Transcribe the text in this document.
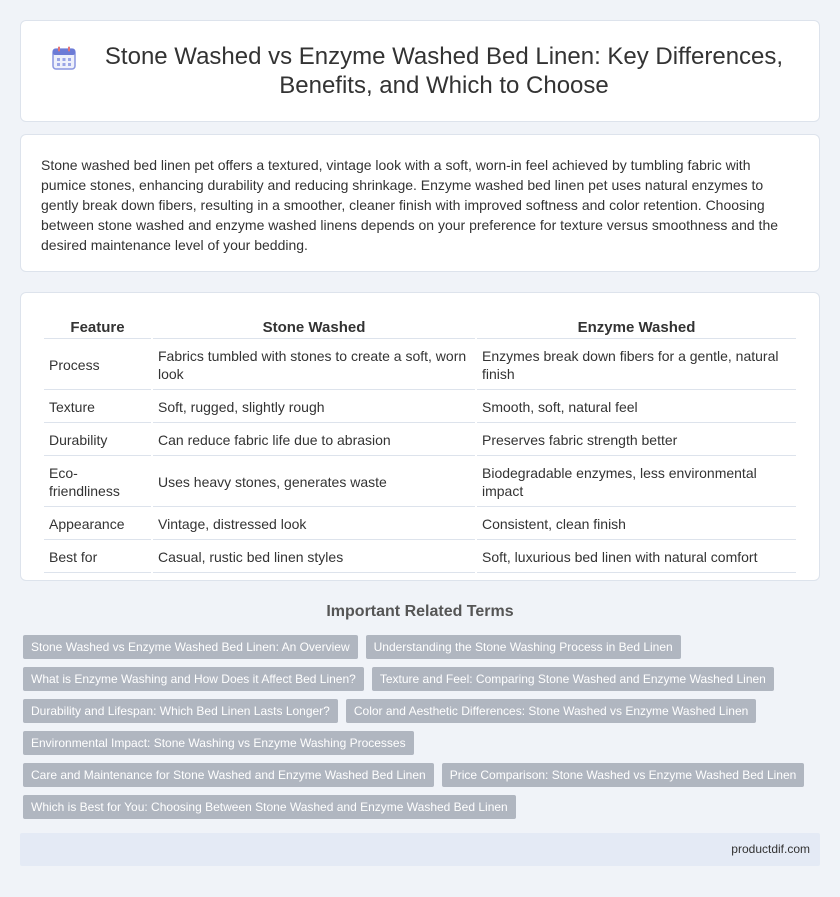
Stone Washed vs Enzyme Washed Bed Linen: Key Differences, Benefits, and Which to Choose

Stone washed bed linen pet offers a textured, vintage look with a soft, worn-in feel achieved by tumbling fabric with pumice stones, enhancing durability and reducing shrinkage. Enzyme washed bed linen pet uses natural enzymes to gently break down fibers, resulting in a smoother, cleaner finish with improved softness and color retention. Choosing between stone washed and enzyme washed linens depends on your preference for texture versus smoothness and the desired maintenance level of your bedding.

Feature	Stone Washed	Enzyme Washed
Process	Fabrics tumbled with stones to create a soft, worn look	Enzymes break down fibers for a gentle, natural finish
Texture	Soft, rugged, slightly rough	Smooth, soft, natural feel
Durability	Can reduce fabric life due to abrasion	Preserves fabric strength better
Eco-friendliness	Uses heavy stones, generates waste	Biodegradable enzymes, less environmental impact
Appearance	Vintage, distressed look	Consistent, clean finish
Best for	Casual, rustic bed linen styles	Soft, luxurious bed linen with natural comfort
Important Related Terms
Stone Washed vs Enzyme Washed Bed Linen: An Overview	Understanding the Stone Washing Process in Bed Linen
What is Enzyme Washing and How Does it Affect Bed Linen?	Texture and Feel: Comparing Stone Washed and Enzyme Washed Linen
Durability and Lifespan: Which Bed Linen Lasts Longer?	Color and Aesthetic Differences: Stone Washed vs Enzyme Washed Linen
Environmental Impact: Stone Washing vs Enzyme Washing Processes
Care and Maintenance for Stone Washed and Enzyme Washed Bed Linen	Price Comparison: Stone Washed vs Enzyme Washed Bed Linen
Which is Best for You: Choosing Between Stone Washed and Enzyme Washed Bed Linen
productdif.com
